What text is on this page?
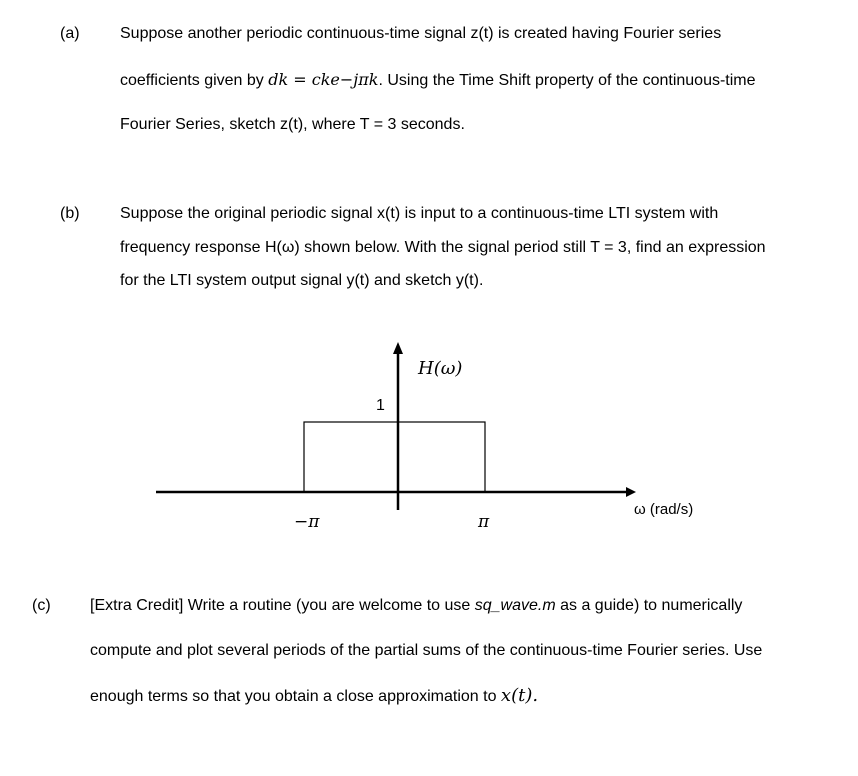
(a)	Suppose another periodic continuous-time signal z(t) is created having Fourier series
coefficients given by dk = cke−jπk. Using the Time Shift property of the continuous-time
Fourier Series, sketch z(t), where T = 3 seconds.
(b)	Suppose the original periodic signal x(t) is input to a continuous-time LTI system with
frequency response H(ω) shown below. With the signal period still T = 3, find an expression
for the LTI system output signal y(t) and sketch y(t).
H(ω)
1
−π	π
ω (rad/s)
(c) [Extra Credit] Write a routine (you are welcome to use sq_wave.m as a guide) to numerically
compute and plot several periods of the partial sums of the continuous-time Fourier series. Use
enough terms so that you obtain a close approximation to x(t).
